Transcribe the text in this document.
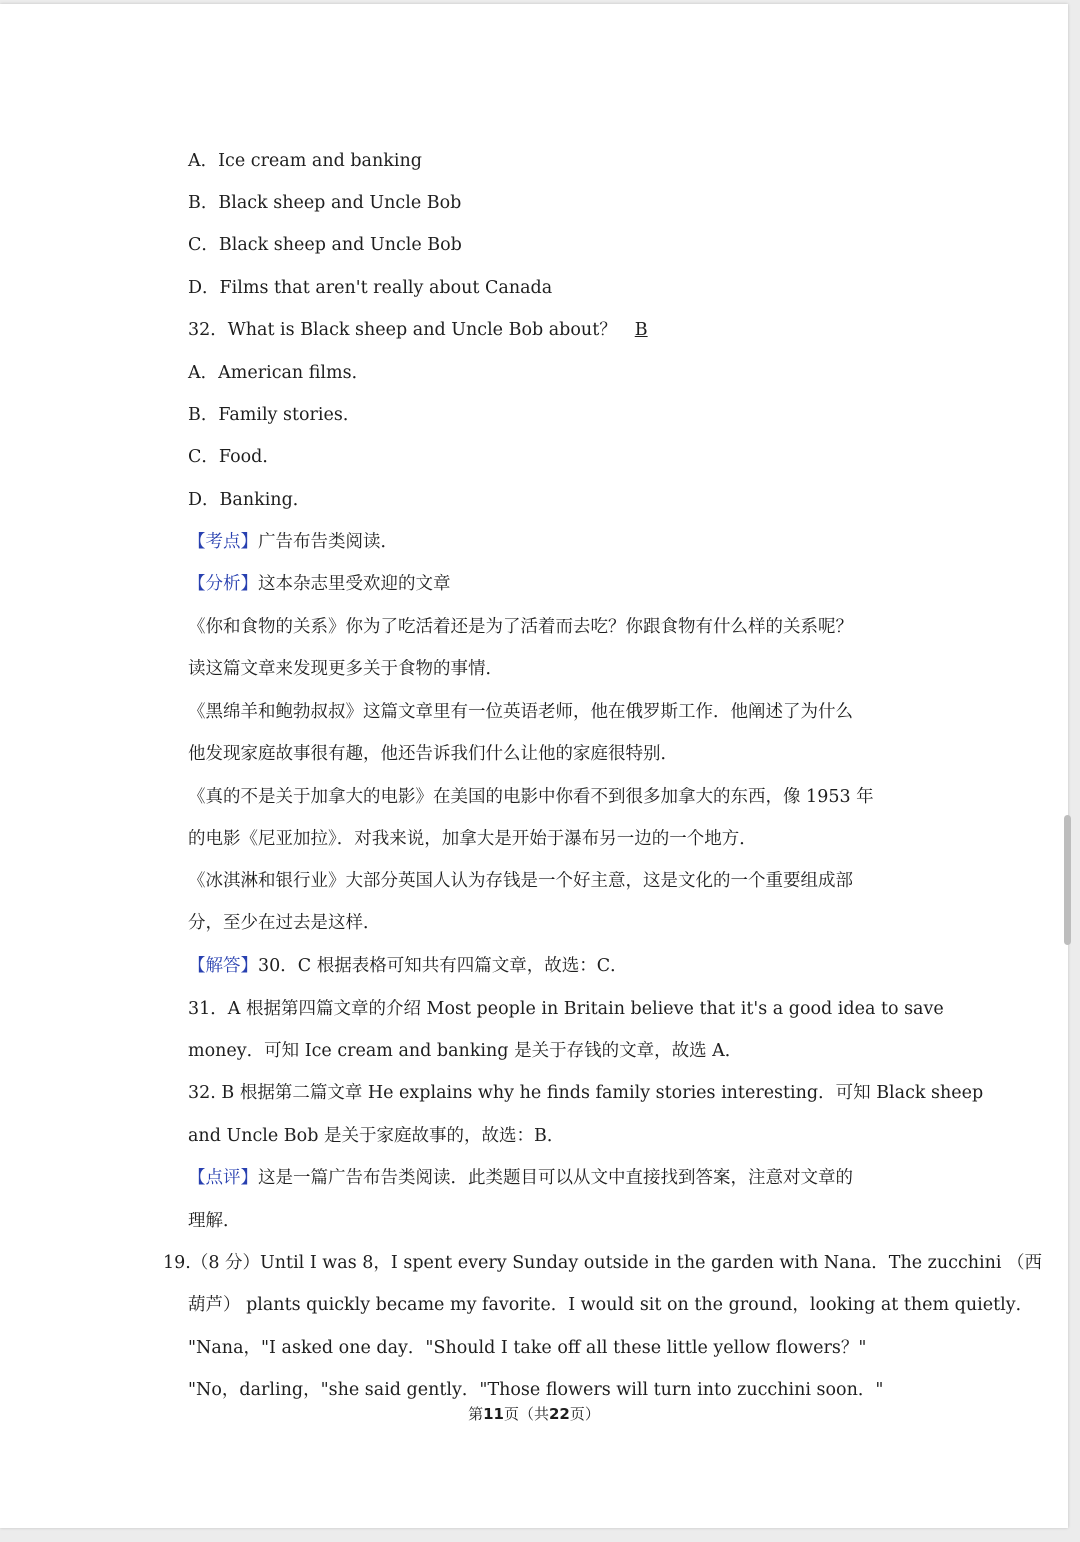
A．Ice cream and banking
B．Black sheep and Uncle Bob
C．Black sheep and Uncle Bob
D．Films that aren't really about Canada
32．What is Black sheep and Uncle Bob about？ B
A．American films．
B．Family stories．
C．Food．
D．Banking．
【考点】广告布告类阅读．
【分析】这本杂志里受欢迎的文章
《你和食物的关系》你为了吃活着还是为了活着而去吃？你跟食物有什么样的关系呢？
读这篇文章来发现更多关于食物的事情．
《黑绵羊和鲍勃叔叔》这篇文章里有一位英语老师，他在俄罗斯工作．他阐述了为什么
他发现家庭故事很有趣，他还告诉我们什么让他的家庭很特别．
《真的不是关于加拿大的电影》在美国的电影中你看不到很多加拿大的东西，像 1953 年
的电影《尼亚加拉》．对我来说，加拿大是开始于瀑布另一边的一个地方．
《冰淇淋和银行业》大部分英国人认为存钱是一个好主意，这是文化的一个重要组成部
分，至少在过去是这样．
【解答】30．C 根据表格可知共有四篇文章，故选：C．
31．A 根据第四篇文章的介绍 Most people in Britain believe that it's a good idea to save
money．可知 Ice cream and banking 是关于存钱的文章，故选 A．
32. B 根据第二篇文章 He explains why he finds family stories interesting．可知 Black sheep
and Uncle Bob 是关于家庭故事的，故选：B．
【点评】这是一篇广告布告类阅读．此类题目可以从文中直接找到答案，注意对文章的
理解．
19.（8 分）Until I was 8，I spent every Sunday outside in the garden with Nana．The zucchini （西
葫芦） plants quickly became my favorite．I would sit on the ground，looking at them quietly．
"Nana，"I asked one day．"Should I take off all these little yellow flowers？"
"No，darling，"she said gently．"Those flowers will turn into zucchini soon．"
第11页（共22页）
